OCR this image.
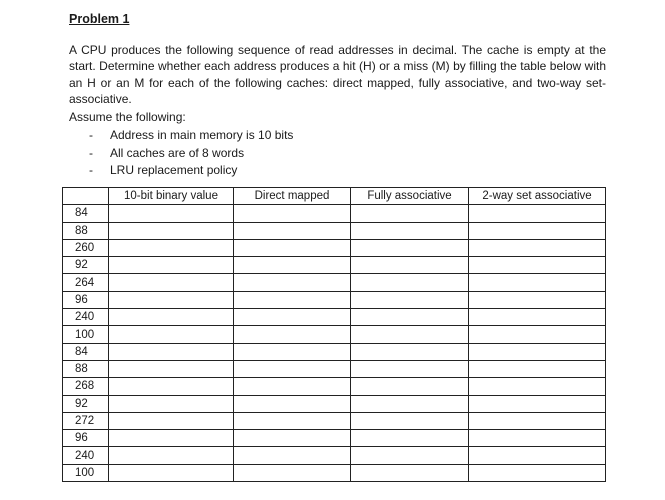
Problem 1
A CPU produces the following sequence of read addresses in decimal. The cache is empty at the start. Determine whether each address produces a hit (H) or a miss (M) by filling the table below with an H or an M for each of the following caches: direct mapped, fully associative, and two-way set-associative.
Assume the following:
- Address in main memory is 10 bits
- All caches are of 8 words
- LRU replacement policy
	10-bit binary value	Direct mapped	Fully associative	2-way set associative
84				
88				
260				
92				
264				
96				
240				
100				
84				
88				
268				
92				
272				
96				
240				
100				
